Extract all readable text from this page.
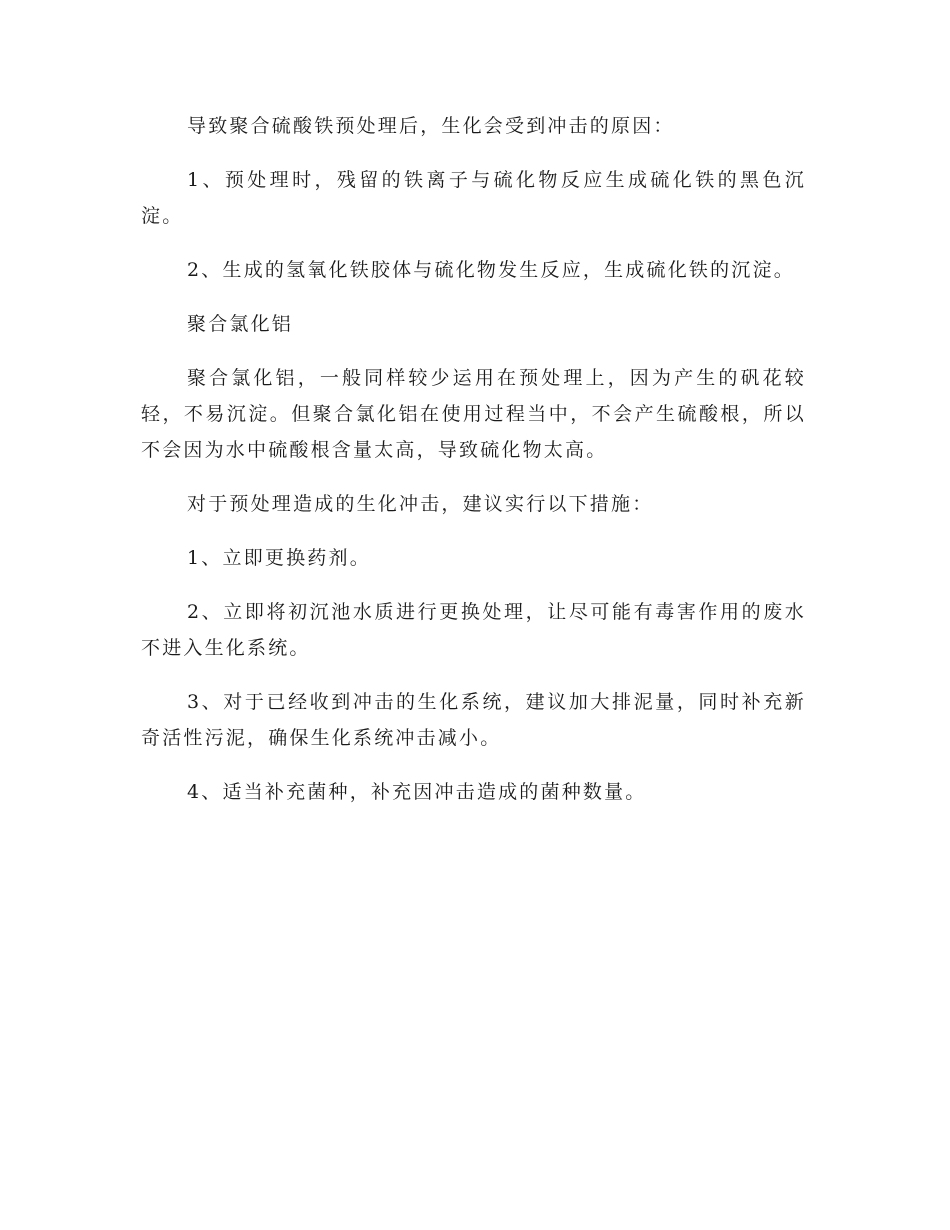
导致聚合硫酸铁预处理后，生化会受到冲击的原因：

1、预处理时，残留的铁离子与硫化物反应生成硫化铁的黑色沉淀。

2、生成的氢氧化铁胶体与硫化物发生反应，生成硫化铁的沉淀。

聚合氯化铝

聚合氯化铝，一般同样较少运用在预处理上，因为产生的矾花较轻，不易沉淀。但聚合氯化铝在使用过程当中，不会产生硫酸根，所以不会因为水中硫酸根含量太高，导致硫化物太高。

对于预处理造成的生化冲击，建议实行以下措施：

1、立即更换药剂。

2、立即将初沉池水质进行更换处理，让尽可能有毒害作用的废水不进入生化系统。

3、对于已经收到冲击的生化系统，建议加大排泥量，同时补充新奇活性污泥，确保生化系统冲击减小。

4、适当补充菌种，补充因冲击造成的菌种数量。
